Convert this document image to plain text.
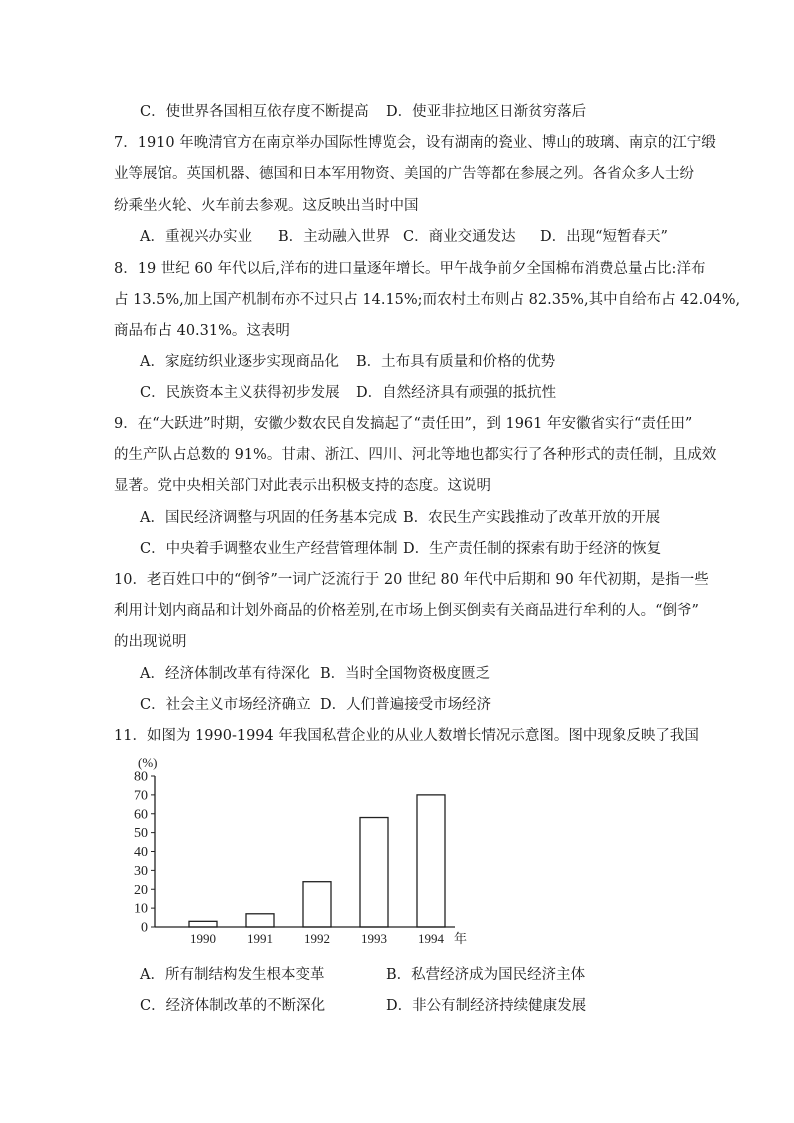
C．使世界各国相互依存度不断提高 D．使亚非拉地区日渐贫穷落后
7．1910 年晚清官方在南京举办国际性博览会，设有湖南的瓷业、博山的玻璃、南京的江宁缎
业等展馆。英国机器、德国和日本军用物资、美国的广告等都在参展之列。各省众多人士纷
纷乘坐火轮、火车前去参观。这反映出当时中国
A．重视兴办实业 B．主动融入世界 C．商业交通发达 D．出现“短暂春天”
8．19 世纪 60 年代以后,洋布的进口量逐年增长。甲午战争前夕全国棉布消费总量占比:洋布
占 13.5%,加上国产机制布亦不过只占 14.15%;而农村土布则占 82.35%,其中自给布占 42.04%,
商品布占 40.31%。这表明
A．家庭纺织业逐步实现商品化 B．土布具有质量和价格的优势
C．民族资本主义获得初步发展 D．自然经济具有顽强的抵抗性
9．在“大跃进”时期，安徽少数农民自发搞起了“责任田”，到 1961 年安徽省实行“责任田”
的生产队占总数的 91%。甘肃、浙江、四川、河北等地也都实行了各种形式的责任制，且成效
显著。党中央相关部门对此表示出积极支持的态度。这说明
A．国民经济调整与巩固的任务基本完成 B．农民生产实践推动了改革开放的开展
C．中央着手调整农业生产经营管理体制 D．生产责任制的探索有助于经济的恢复
10．老百姓口中的“倒爷”一词广泛流行于 20 世纪 80 年代中后期和 90 年代初期，是指一些
利用计划内商品和计划外商品的价格差别,在市场上倒买倒卖有关商品进行牟利的人。“倒爷”
的出现说明
A．经济体制改革有待深化 B．当时全国物资极度匮乏
C．社会主义市场经济确立 D．人们普遍接受市场经济
11．如图为 1990-1994 年我国私营企业的从业人数增长情况示意图。图中现象反映了我国
80
70
60
50
40
30
20
10
0
1990 1991 1992 1993 1994
(%)
年
A．所有制结构发生根本变革	B．私营经济成为国民经济主体
C．经济体制改革的不断深化	D．非公有制经济持续健康发展
